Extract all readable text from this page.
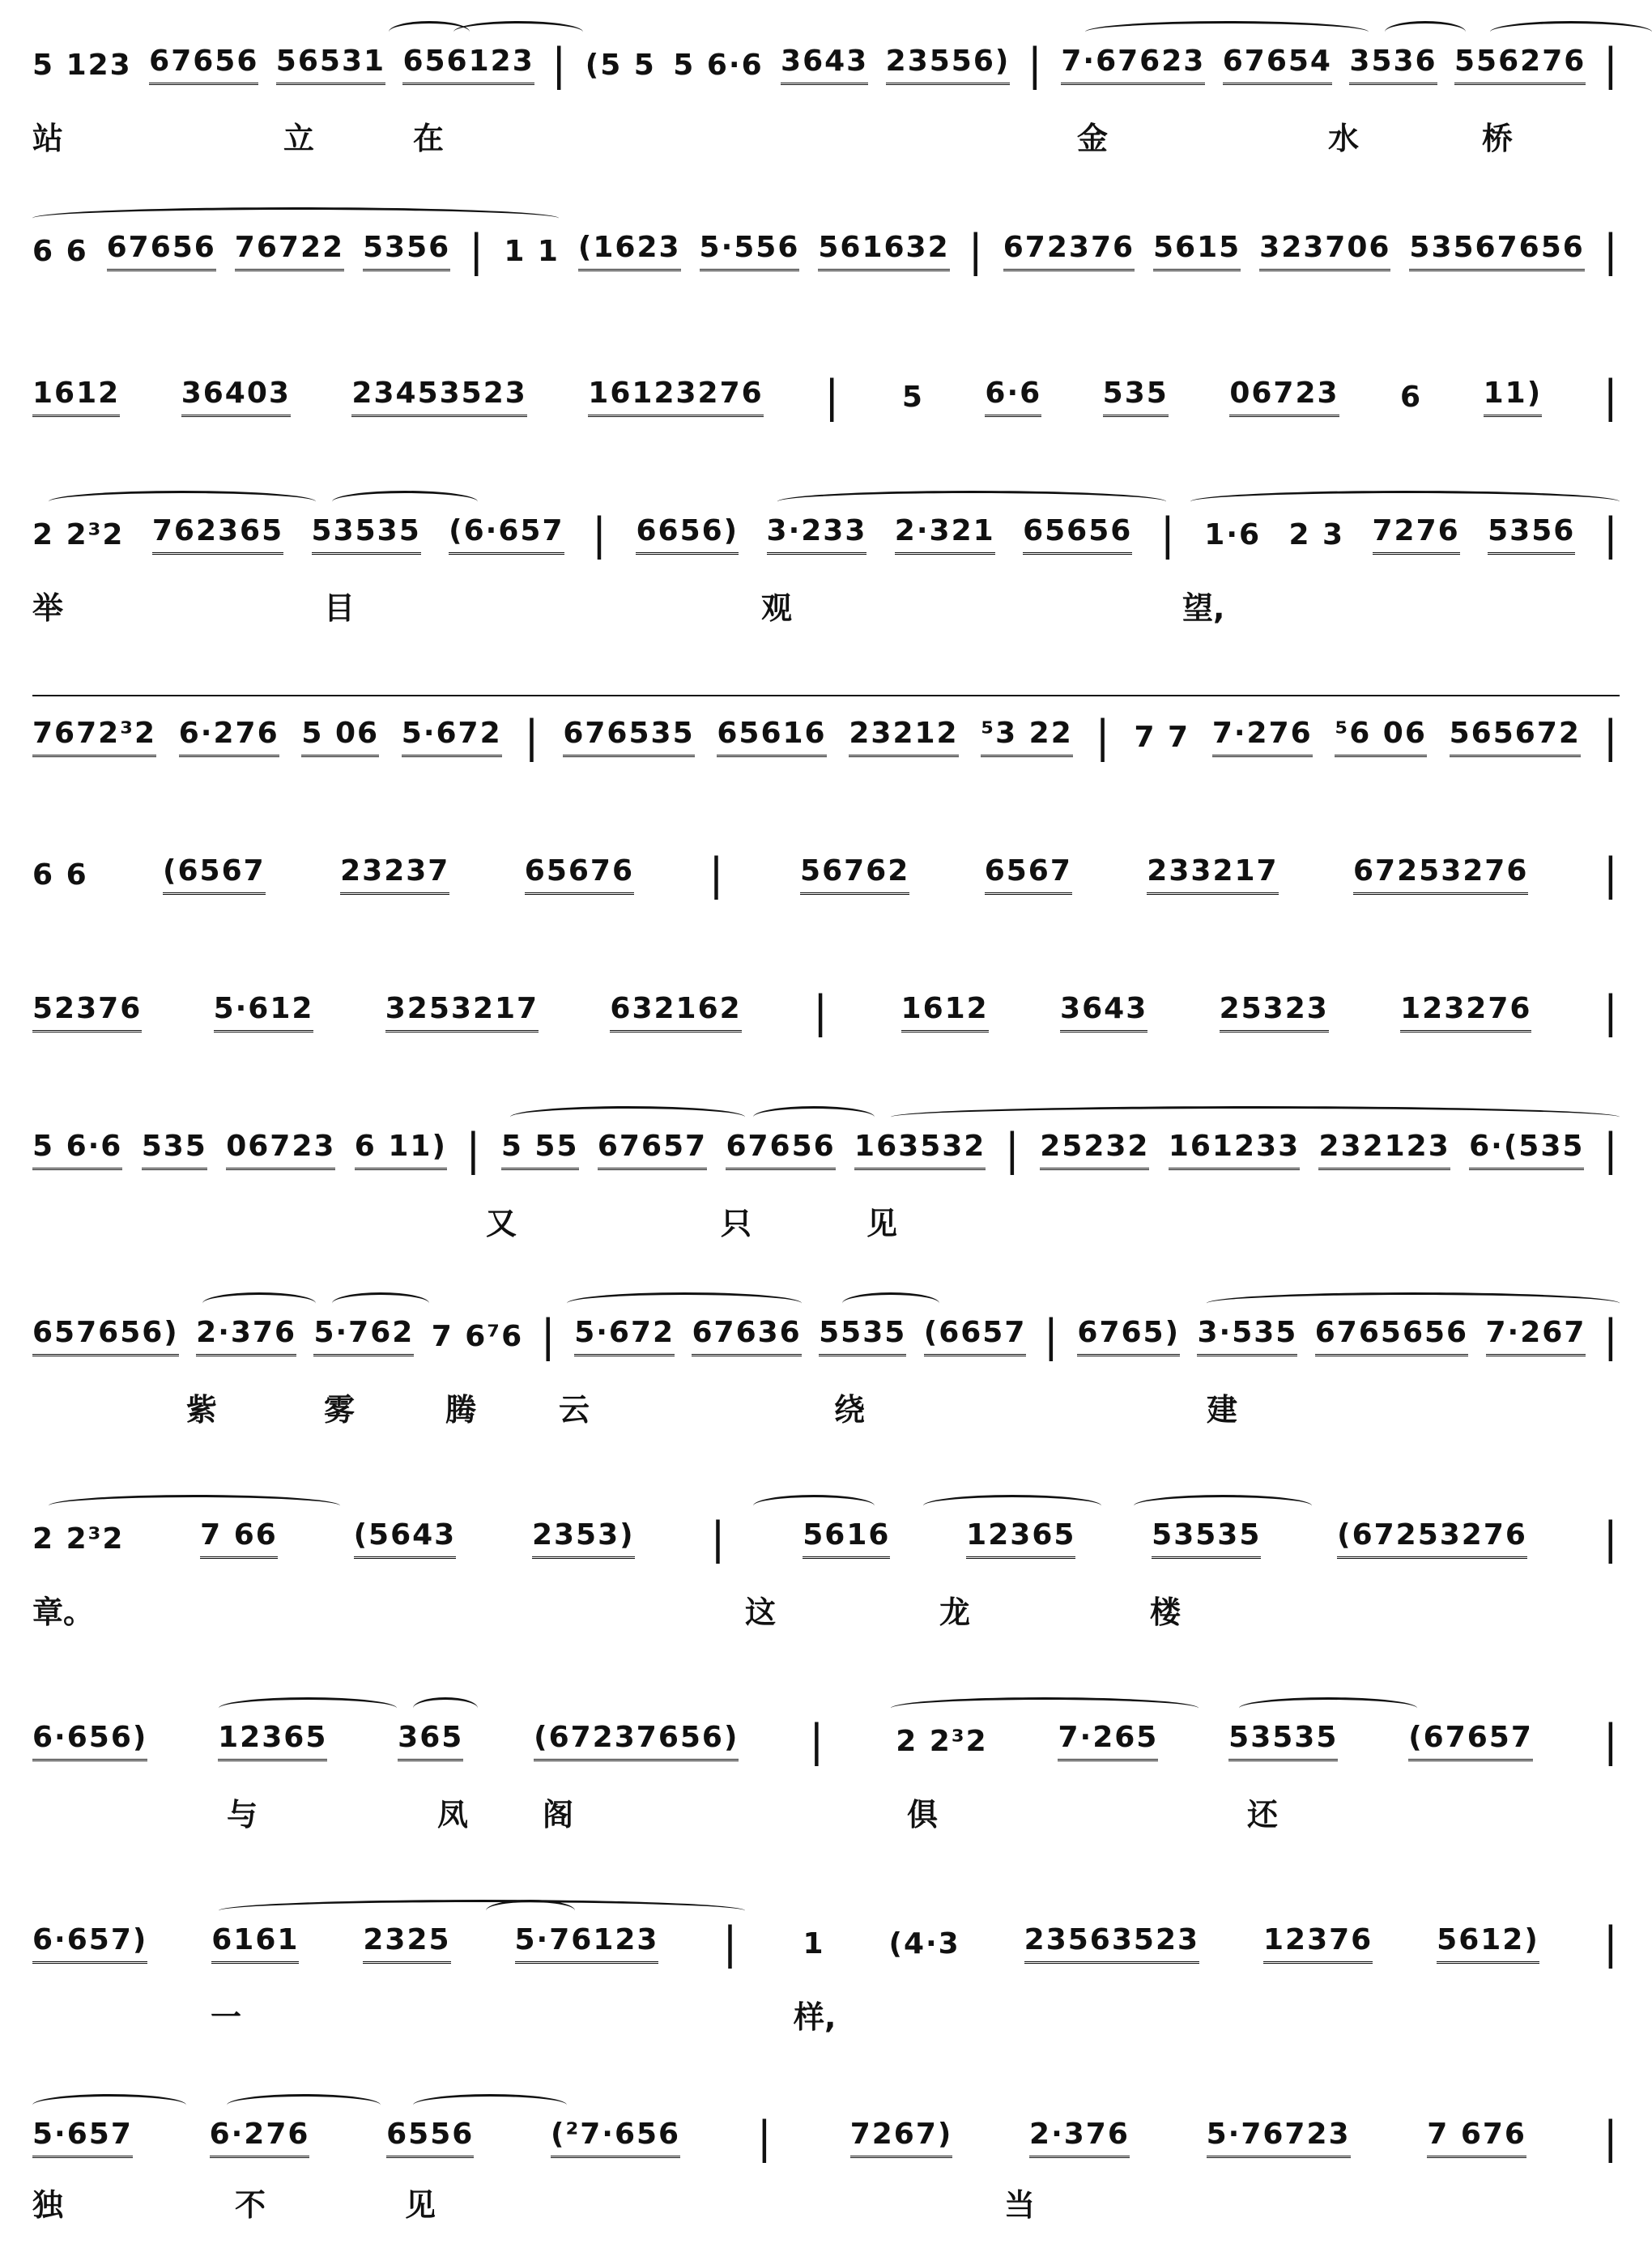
5 123 67656 56531 656123 | (5 5 5 6·6 3643 23556) | 7·67623 67654 3536 556276 |
站	立	在	金	水	桥
6 6 67656 76722 5356 | 1 1 (1623 5·556 561632 | 672376 5615 323706 53567656 |
1612 36403 23453523 16123276 | 5 6·6 535 06723 6 11) |
2 2³2 762365 53535 (6·657 | 6656) 3·233 2·321 65656 | 1·6 2 3 7276 5356 |
举	目	观	望,
7672³2 6·276 5 06 5·672 | 676535 65616 23212 ⁵3 22 | 7 7 7·276 ⁵6 06 565672 |
6 6	(6567	23237	65676 |	56762	6567	233217	67253276 |
52376 5·612 3253217 632162 | 1612 3643 25323 123276 |
5 6·6 535 06723 6 11) | 5 55 67657 67656 163532 | 25232 161233 232123 6·(535 |
又	只	见
657656) 2·376 5·762 7 6⁷6 | 5·672 67636 5535 (6657 | 6765) 3·535 6765656 7·267 |
紫	雾	腾	云	绕	建
2 2³2	7 66	(5643	2353) |	5616	12365	53535	(67253276 |
章。	这	龙	楼
6·656) 12365 365 (67237656) | 2 2³2 7·265 53535 (67657 |
与	凤 阁	俱	还
6·657) 6161 2325 5·76123 | 1 (4·3 23563523 12376 5612) |
一	样,
5·657	6·276	6556	(²7·656 |	7267)	2·376	5·76723	7 676 |
独	不	见	当
